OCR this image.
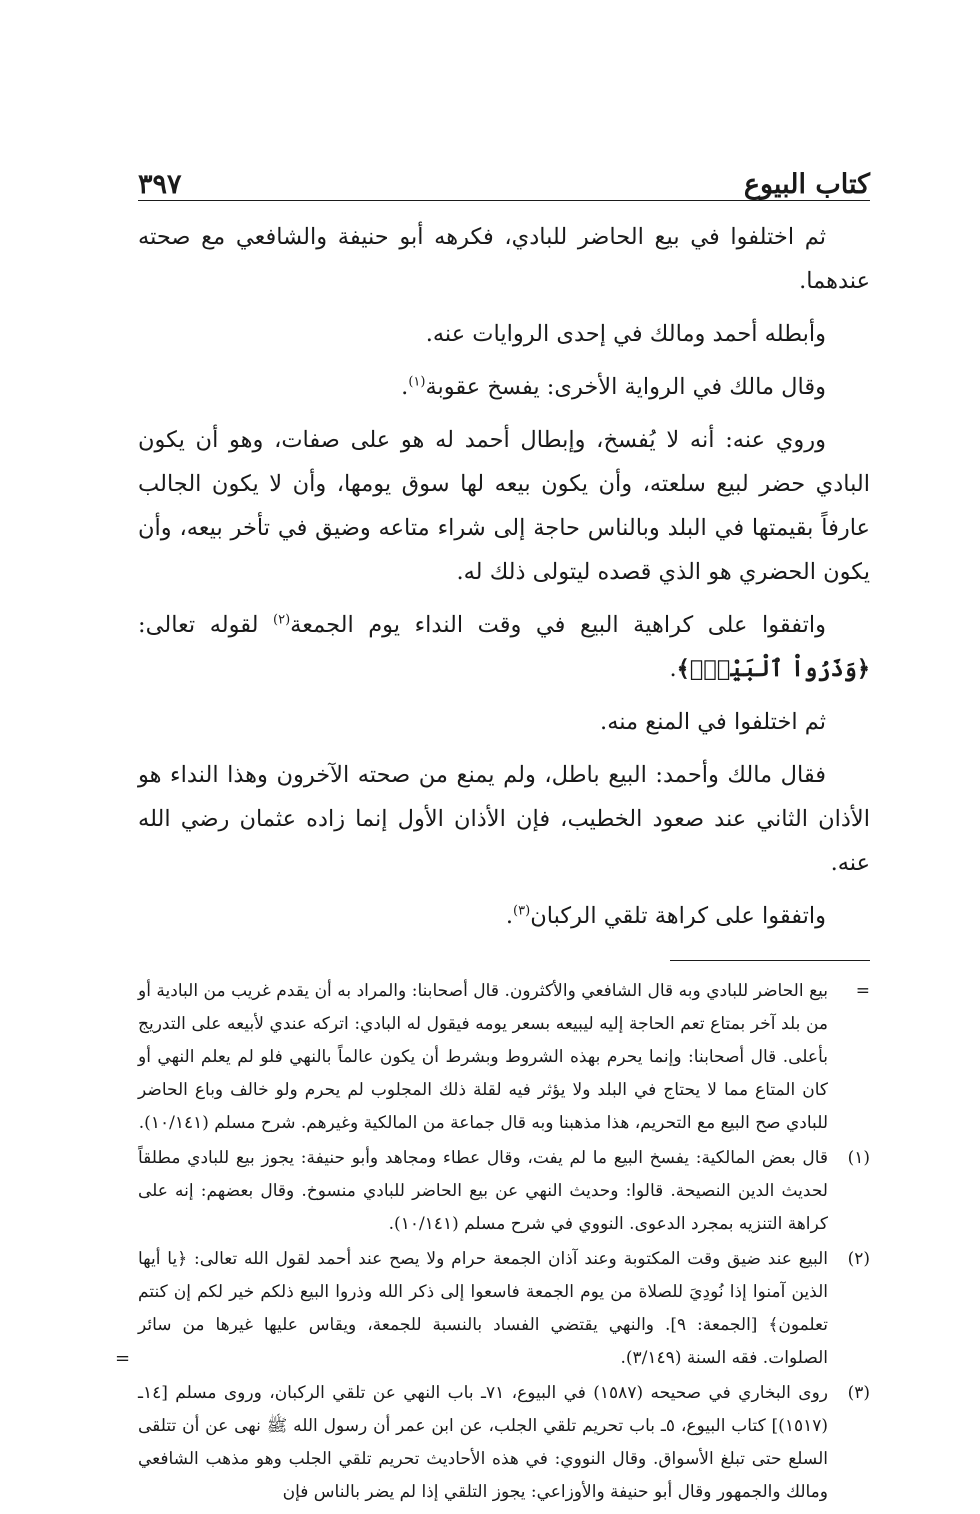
كتاب البيوع
٣٩٧

ثم اختلفوا في بيع الحاضر للبادي، فكرهه أبو حنيفة والشافعي مع صحته عندهما.

وأبطله أحمد ومالك في إحدى الروايات عنه.

وقال مالك في الرواية الأخرى: يفسخ عقوبة$^{(١)}$.

وروي عنه: أنه لا يُفسخ، وإبطال أحمد له هو على صفات، وهو أن يكون البادي حضر لبيع سلعته، وأن يكون بيعه لها سوق يومها، وأن لا يكون الجالب عارفاً بقيمتها في البلد وبالناس حاجة إلى شراء متاعه وضيق في تأخر بيعه، وأن يكون الحضري هو الذي قصده ليتولى ذلك له.

واتفقوا على كراهية البيع في وقت النداء يوم الجمعة$^{(٢)}$ لقوله تعالى: ﴿وَذَرُواْ ٱلْبَيْعَۚ﴾.

ثم اختلفوا في المنع منه.

فقال مالك وأحمد: البيع باطل، ولم يمنع من صحته الآخرون وهذا النداء هو الأذان الثاني عند صعود الخطيب، فإن الأذان الأول إنما زاده عثمان رضي الله عنه.

واتفقوا على كراهة تلقي الركبان$^{(٣)}$.

=
بيع الحاضر للبادي وبه قال الشافعي والأكثرون. قال أصحابنا: والمراد به أن يقدم غريب من البادية أو من بلد آخر بمتاع تعم الحاجة إليه ليبيعه بسعر يومه فيقول له البادي: اتركه عندي لأبيعه على التدريج بأعلى. قال أصحابنا: وإنما يحرم بهذه الشروط وبشرط أن يكون عالماً بالنهي فلو لم يعلم النهي أو كان المتاع مما لا يحتاج في البلد ولا يؤثر فيه لقلة ذلك المجلوب لم يحرم ولو خالف وباع الحاضر للبادي صح البيع مع التحريم، هذا مذهبنا وبه قال جماعة من المالكية وغيرهم. شرح مسلم (١٠/١٤١).
(١)
قال بعض المالكية: يفسخ البيع ما لم يفت، وقال عطاء ومجاهد وأبو حنيفة: يجوز بيع للبادي مطلقاً لحديث الدين النصيحة. قالوا: وحديث النهي عن بيع الحاضر للبادي منسوخ. وقال بعضهم: إنه على كراهة التنزيه بمجرد الدعوى. النووي في شرح مسلم (١٠/١٤١).
(٢)
البيع عند ضيق وقت المكتوبة وعند آذان الجمعة حرام ولا يصح عند أحمد لقول الله تعالى: ﴿يا أيها الذين آمنوا إذا نُودِيَ للصلاة من يوم الجمعة فاسعوا إلى ذكر الله وذروا البيع ذلكم خير لكم إن كنتم تعلمون﴾ [الجمعة: ٩]. والنهي يقتضي الفساد بالنسبة للجمعة، ويقاس عليها غيرها من سائر الصلوات. فقه السنة (٣/١٤٩).
(٣)
روى البخاري في صحيحه (١٥٨٧) في البيوع، ٧١ـ باب النهي عن تلقي الركبان، وروى مسلم [١٤ـ (١٥١٧)] كتاب البيوع، ٥ـ باب تحريم تلقي الجلب، عن ابن عمر أن رسول الله ﷺ نهى عن أن تتلقى السلع حتى تبلغ الأسواق. وقال النووي: في هذه الأحاديث تحريم تلقي الجلب وهو مذهب الشافعي ومالك والجمهور وقال أبو حنيفة والأوزاعي: يجوز التلقي إذا لم يضر بالناس فإن
=
